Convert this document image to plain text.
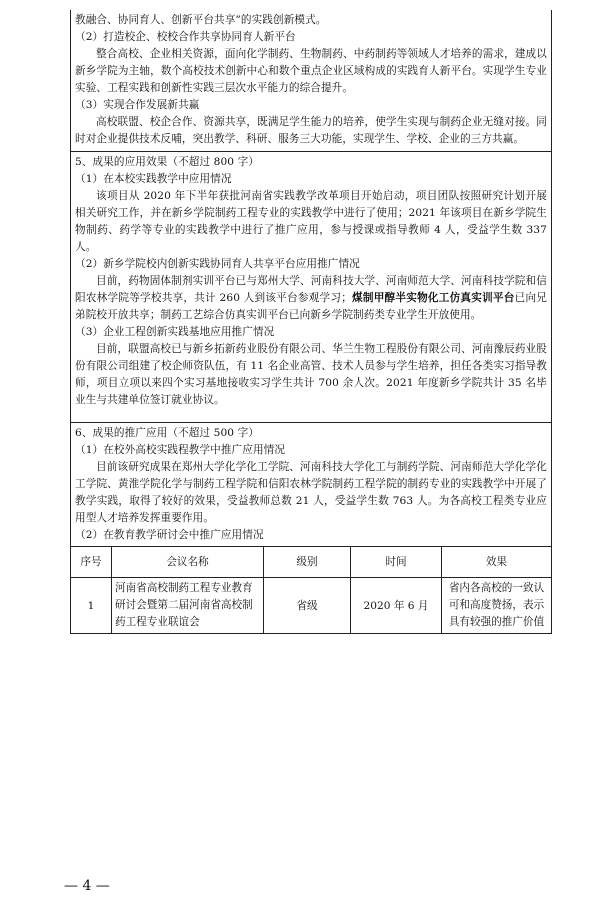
教融合、协同育人、创新平台共享”的实践创新模式。

（2）打造校企、校校合作共享协同育人新平台

整合高校、企业相关资源，面向化学制药、生物制药、中药制药等领域人才培养的需求，建成以新乡学院为主轴，数个高校技术创新中心和数个重点企业区域构成的实践育人新平台。实现学生专业实验、工程实践和创新性实践三层次水平能力的综合提升。

（3）实现合作发展新共赢

高校联盟、校企合作、资源共享，既满足学生能力的培养，使学生实现与制药企业无缝对接。同时对企业提供技术反哺，突出教学、科研、服务三大功能，实现学生、学校、企业的三方共赢。

5、成果的应用效果（不超过 800 字）

（1）在本校实践教学中应用情况

该项目从 2020 年下半年获批河南省实践教学改革项目开始启动，项目团队按照研究计划开展相关研究工作，并在新乡学院制药工程专业的实践教学中进行了使用；2021 年该项目在新乡学院生物制药、药学等专业的实践教学中进行了推广应用，参与授课或指导教师 4 人，受益学生数 337 人。

（2）新乡学院校内创新实践协同育人共享平台应用推广情况

目前，药物固体制剂实训平台已与郑州大学、河南科技大学、河南师范大学、河南科技学院和信阳农林学院等学校共享，共计 260 人到该平台参观学习；煤制甲醇半实物化工仿真实训平台已向兄弟院校开放共享；制药工艺综合仿真实训平台已向新乡学院制药类专业学生开放使用。

（3）企业工程创新实践基地应用推广情况

目前，联盟高校已与新乡拓新药业股份有限公司、华兰生物工程股份有限公司、河南豫辰药业股份有限公司组建了校企师资队伍，有 11 名企业高管、技术人员参与学生培养，担任各类实习指导教师，项目立项以来四个实习基地接收实习学生共计 700 余人次。2021 年度新乡学院共计 35 名毕业生与共建单位签订就业协议。

6、成果的推广应用（不超过 500 字）

（1）在校外高校实践程教学中推广应用情况

目前该研究成果在郑州大学化学化工学院、河南科技大学化工与制药学院、河南师范大学化学化工学院、黄淮学院化学与制药工程学院和信阳农林学院制药工程学院的制药专业的实践教学中开展了教学实践，取得了较好的效果，受益教师总数 21 人，受益学生数 763 人。为各高校工程类专业应用型人才培养发挥重要作用。

（2）在教育教学研讨会中推广应用情况

序号	会议名称	级别	时间	效果
1	河南省高校制药工程专业教育研讨会暨第二届河南省高校制药工程专业联谊会	省级	2020 年 6 月	省内各高校的一致认可和高度赞扬，表示具有较强的推广价值
— 4 —
